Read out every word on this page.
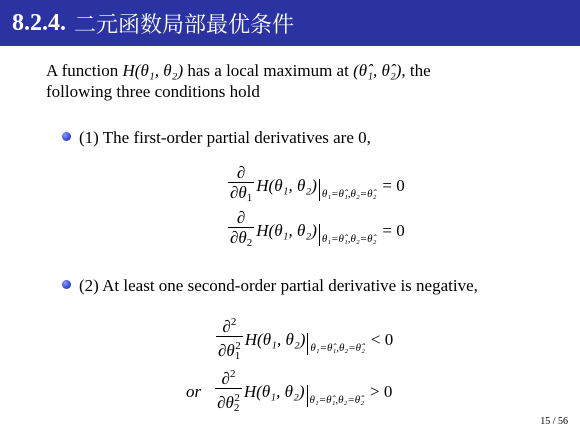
8.2.4. 二元函数局部最优条件
A function H(θ₁, θ₂) has a local maximum at (θ̂₁, θ̂₂), the
following three conditions hold
(1) The first-order partial derivatives are 0,
$\frac{\partial}{\partial\theta_1} H(\theta_1$, θ₂) θ₁=θ̂₁,θ₂=θ̂₂ = 0
$\frac{\partial}{\partial\theta_2} H(\theta_1$, θ₂) θ₁=θ̂₁,θ₂=θ̂₂ = 0
(2) At least one second-order partial derivative is negative,
$\frac{\partial^2}{\partial\theta_1^2} H(\theta_1$, θ₂) θ₁=θ̂₁,θ₂=θ̂₂ < 0
or $\frac{\partial^2}{\partial\theta_2^2} H(\theta_1$, θ₂) θ₁=θ̂₁,θ₂=θ̂₂ > 0
15 / 56
